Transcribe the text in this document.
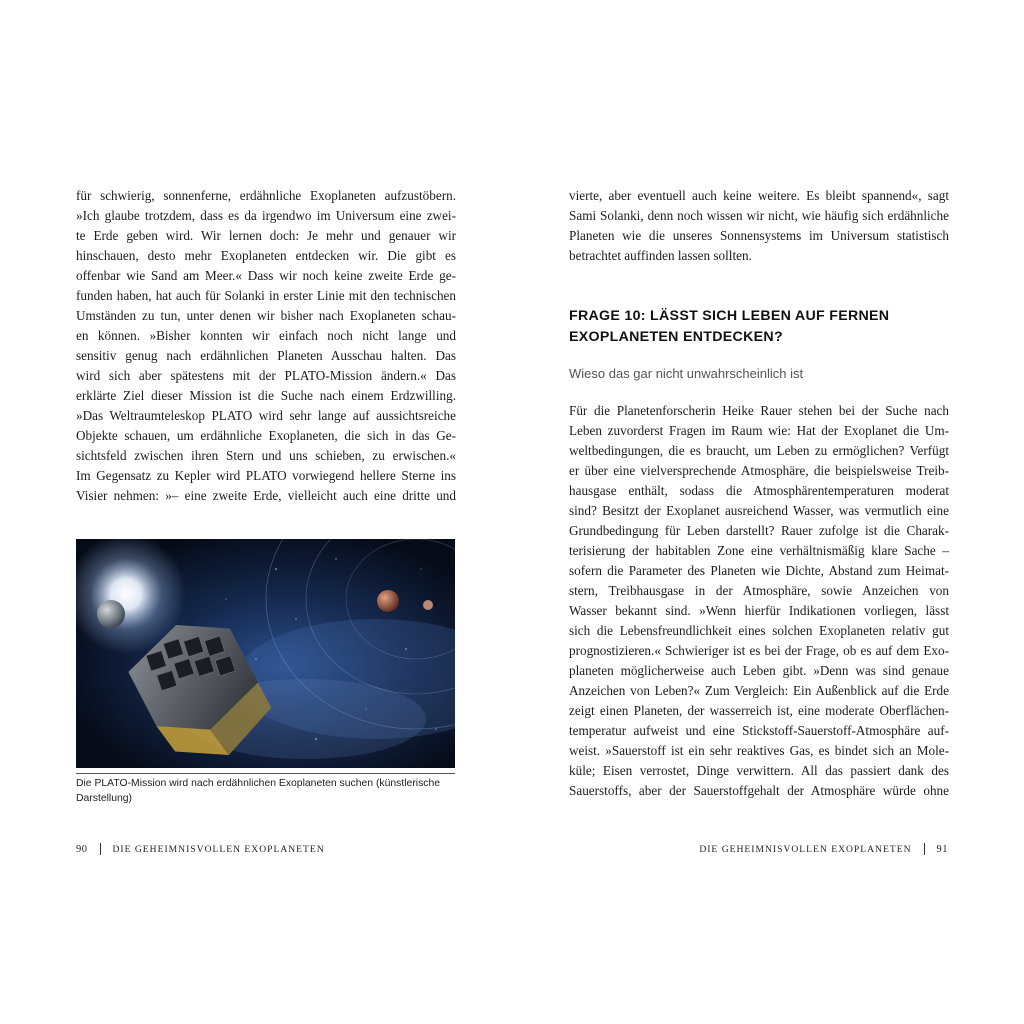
für schwierig, sonnenferne, erdähnliche Exoplaneten aufzustöbern.
»Ich glaube trotzdem, dass es da irgendwo im Universum eine zwei-
te Erde geben wird. Wir lernen doch: Je mehr und genauer wir
hinschauen, desto mehr Exoplaneten entdecken wir. Die gibt es
offenbar wie Sand am Meer.« Dass wir noch keine zweite Erde ge-
funden haben, hat auch für Solanki in erster Linie mit den technischen
Umständen zu tun, unter denen wir bisher nach Exoplaneten schau-
en können. »Bisher konnten wir einfach noch nicht lange und
sensitiv genug nach erdähnlichen Planeten Ausschau halten. Das
wird sich aber spätestens mit der PLATO-Mission ändern.« Das
erklärte Ziel dieser Mission ist die Suche nach einem Erdzwilling.
»Das Weltraumteleskop PLATO wird sehr lange auf aussichtsreiche
Objekte schauen, um erdähnliche Exoplaneten, die sich in das Ge-
sichtsfeld zwischen ihren Stern und uns schieben, zu erwischen.«
Im Gegensatz zu Kepler wird PLATO vorwiegend hellere Sterne ins
Visier nehmen: »– eine zweite Erde, vielleicht auch eine dritte und

Die PLATO-Mission wird nach erdähnlichen Exoplaneten suchen (künstlerische Darstellung)

vierte, aber eventuell auch keine weitere. Es bleibt spannend«, sagt
Sami Solanki, denn noch wissen wir nicht, wie häufig sich erdähnliche
Planeten wie die unseres Sonnensystems im Universum statistisch
betrachtet auffinden lassen sollten.

FRAGE 10: LÄSST SICH LEBEN AUF FERNEN
EXOPLANETEN ENTDECKEN?

Wieso das gar nicht unwahrscheinlich ist

Für die Planetenforscherin Heike Rauer stehen bei der Suche nach
Leben zuvorderst Fragen im Raum wie: Hat der Exoplanet die Um-
weltbedingungen, die es braucht, um Leben zu ermöglichen? Verfügt
er über eine vielversprechende Atmosphäre, die beispielsweise Treib-
hausgase enthält, sodass die Atmosphärentemperaturen moderat
sind? Besitzt der Exoplanet ausreichend Wasser, was vermutlich eine
Grundbedingung für Leben darstellt? Rauer zufolge ist die Charak-
terisierung der habitablen Zone eine verhältnismäßig klare Sache –
sofern die Parameter des Planeten wie Dichte, Abstand zum Heimat-
stern, Treibhausgase in der Atmosphäre, sowie Anzeichen von
Wasser bekannt sind. »Wenn hierfür Indikationen vorliegen, lässt
sich die Lebensfreundlichkeit eines solchen Exoplaneten relativ gut
prognostizieren.« Schwieriger ist es bei der Frage, ob es auf dem Exo-
planeten möglicherweise auch Leben gibt. »Denn was sind genaue
Anzeichen von Leben?« Zum Vergleich: Ein Außenblick auf die Erde
zeigt einen Planeten, der wasserreich ist, eine moderate Oberflächen-
temperatur aufweist und eine Stickstoff-Sauerstoff-Atmosphäre auf-
weist. »Sauerstoff ist ein sehr reaktives Gas, es bindet sich an Mole-
küle; Eisen verrostet, Dinge verwittern. All das passiert dank des
Sauerstoffs, aber der Sauerstoffgehalt der Atmosphäre würde ohne

90	DIE GEHEIMNISVOLLEN EXOPLANETEN	DIE GEHEIMNISVOLLEN EXOPLANETEN 91
